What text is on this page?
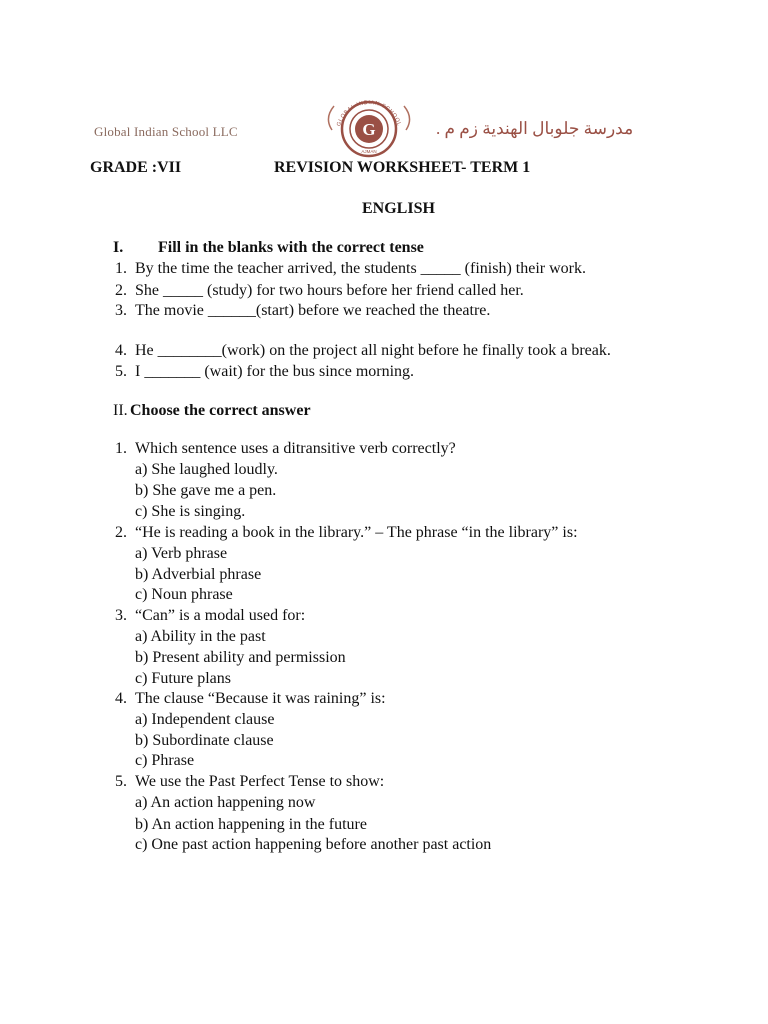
Global Indian School LLC	G
GLOBAL INDIAN SCHOOL
AJMAN
مدرسة جلوبال الهندية زم م .
GRADE :VII	REVISION WORKSHEET- TERM 1
ENGLISH
I. Fill in the blanks with the correct tense
1. By the time the teacher arrived, the students _____ (finish) their work.
2. She _____ (study) for two hours before her friend called her.
3. The movie ______(start) before we reached the theatre.
4. He ________(work) on the project all night before he finally took a break.
5. I _______ (wait) for the bus since morning.
II. Choose the correct answer
1. Which sentence uses a ditransitive verb correctly?
a) She laughed loudly.
b) She gave me a pen.
c) She is singing.
2. “He is reading a book in the library.” – The phrase “in the library” is:
a) Verb phrase
b) Adverbial phrase
c) Noun phrase
3. “Can” is a modal used for:
a) Ability in the past
b) Present ability and permission
c) Future plans
4. The clause “Because it was raining” is:
a) Independent clause
b) Subordinate clause
c) Phrase
5. We use the Past Perfect Tense to show:
a) An action happening now
b) An action happening in the future
c) One past action happening before another past action
